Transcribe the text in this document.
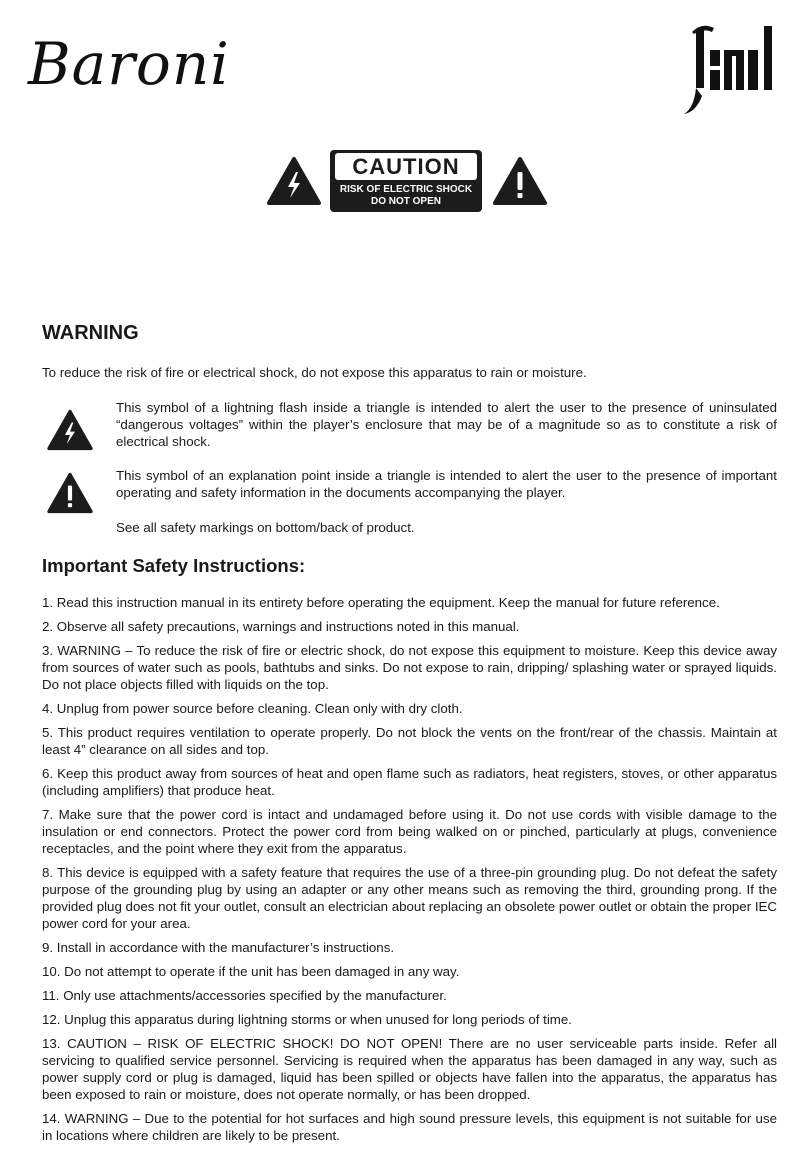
Baroni
CAUTION
RISK OF ELECTRIC SHOCK
DO NOT OPEN
WARNING

To reduce the risk of fire or electrical shock, do not expose this apparatus to rain or moisture.

This symbol of a lightning flash inside a triangle is intended to alert the user to the presence of uninsulated “dangerous voltages” within the player’s enclosure that may be of a magnitude so as to constitute a risk of electrical shock.

This symbol of an explanation point inside a triangle is intended to alert the user to the presence of important operating and safety information in the documents accompanying the player.

See all safety markings on bottom/back of product.

Important Safety Instructions:

1. Read this instruction manual in its entirety before operating the equipment. Keep the manual for future reference.

2. Observe all safety precautions, warnings and instructions noted in this manual.

3. WARNING – To reduce the risk of fire or electric shock, do not expose this equipment to moisture. Keep this device away from sources of water such as pools, bathtubs and sinks. Do not expose to rain, dripping/ splashing water or sprayed liquids. Do not place objects filled with liquids on the top.

4. Unplug from power source before cleaning. Clean only with dry cloth.

5. This product requires ventilation to operate properly. Do not block the vents on the front/rear of the chassis. Maintain at least 4” clearance on all sides and top.

6. Keep this product away from sources of heat and open flame such as radiators, heat registers, stoves, or other apparatus (including amplifiers) that produce heat.

7. Make sure that the power cord is intact and undamaged before using it. Do not use cords with visible damage to the insulation or end connectors. Protect the power cord from being walked on or pinched, particularly at plugs, convenience receptacles, and the point where they exit from the apparatus.

8. This device is equipped with a safety feature that requires the use of a three-pin grounding plug. Do not defeat the safety purpose of the grounding plug by using an adapter or any other means such as removing the third, grounding prong. If the provided plug does not fit your outlet, consult an electrician about replacing an obsolete power outlet or obtain the proper IEC power cord for your area.

9. Install in accordance with the manufacturer’s instructions.

10. Do not attempt to operate if the unit has been damaged in any way.

11. Only use attachments/accessories specified by the manufacturer.

12. Unplug this apparatus during lightning storms or when unused for long periods of time.

13. CAUTION – RISK OF ELECTRIC SHOCK! DO NOT OPEN! There are no user serviceable parts inside. Refer all servicing to qualified service personnel. Servicing is required when the apparatus has been damaged in any way, such as power supply cord or plug is damaged, liquid has been spilled or objects have fallen into the apparatus, the apparatus has been exposed to rain or moisture, does not operate normally, or has been dropped.

14. WARNING – Due to the potential for hot surfaces and high sound pressure levels, this equipment is not suitable for use in locations where children are likely to be present.
